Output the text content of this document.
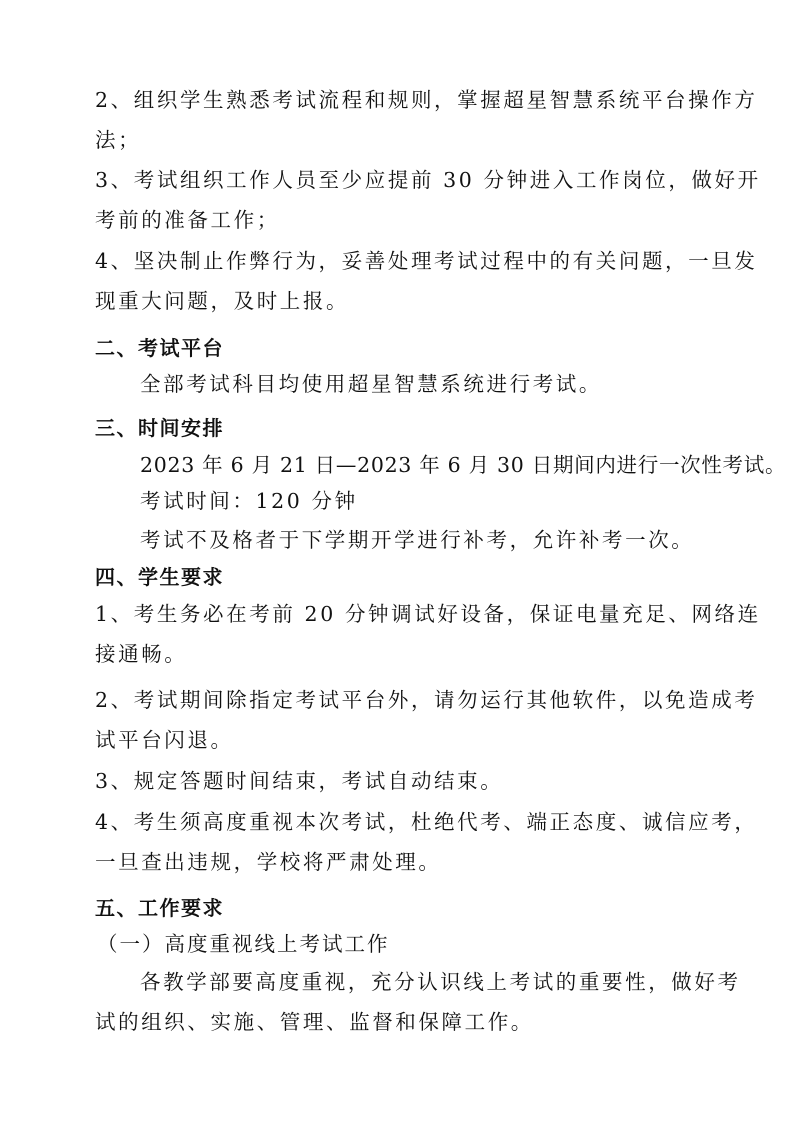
2、组织学生熟悉考试流程和规则，掌握超星智慧系统平台操作方
法；
3、考试组织工作人员至少应提前 30 分钟进入工作岗位，做好开
考前的准备工作；
4、坚决制止作弊行为，妥善处理考试过程中的有关问题，一旦发
现重大问题，及时上报。
二、考试平台
全部考试科目均使用超星智慧系统进行考试。
三、时间安排
2023 年 6 月 21 日—2023 年 6 月 30 日期间内进行一次性考试。
考试时间：120 分钟
考试不及格者于下学期开学进行补考，允许补考一次。
四、学生要求
1、考生务必在考前 20 分钟调试好设备，保证电量充足、网络连
接通畅。
2、考试期间除指定考试平台外，请勿运行其他软件，以免造成考
试平台闪退。
3、规定答题时间结束，考试自动结束。
4、考生须高度重视本次考试，杜绝代考、端正态度、诚信应考，
一旦查出违规，学校将严肃处理。
五、工作要求
（一）高度重视线上考试工作
各教学部要高度重视，充分认识线上考试的重要性，做好考
试的组织、实施、管理、监督和保障工作。
